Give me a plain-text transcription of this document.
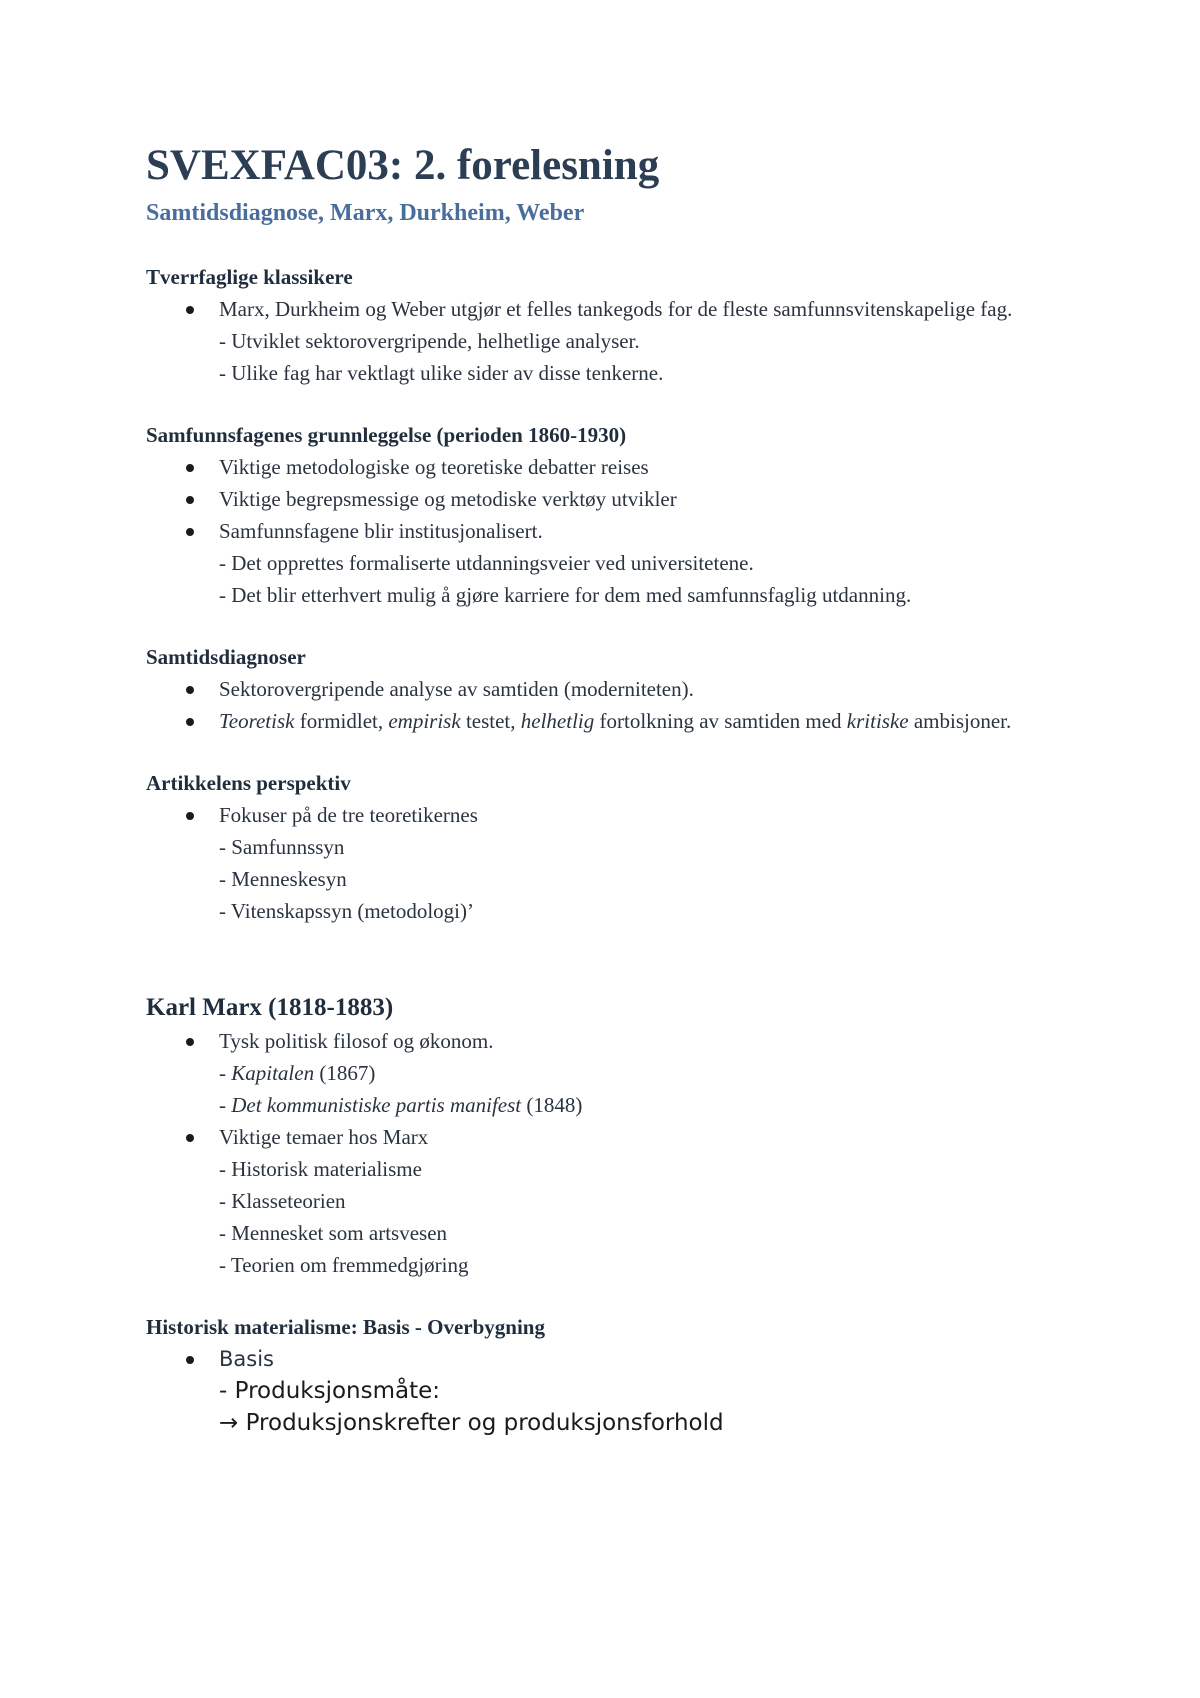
SVEXFAC03: 2. forelesning
Samtidsdiagnose, Marx, Durkheim, Weber
Tverrfaglige klassikere
Marx, Durkheim og Weber utgjør et felles tankegods for de fleste samfunnsvitenskapelige fag.
- Utviklet sektorovergripende, helhetlige analyser.
- Ulike fag har vektlagt ulike sider av disse tenkerne.
Samfunnsfagenes grunnleggelse (perioden 1860-1930)
Viktige metodologiske og teoretiske debatter reises
Viktige begrepsmessige og metodiske verktøy utvikler
Samfunnsfagene blir institusjonalisert.
- Det opprettes formaliserte utdanningsveier ved universitetene.
- Det blir etterhvert mulig å gjøre karriere for dem med samfunnsfaglig utdanning.
Samtidsdiagnoser
Sektorovergripende analyse av samtiden (moderniteten).
Teoretisk formidlet, empirisk testet, helhetlig fortolkning av samtiden med kritiske ambisjoner.
Artikkelens perspektiv
Fokuser på de tre teoretikernes
- Samfunnssyn
- Menneskesyn
- Vitenskapssyn (metodologi)’
Karl Marx (1818-1883)
Tysk politisk filosof og økonom.
- Kapitalen (1867)
- Det kommunistiske partis manifest (1848)
Viktige temaer hos Marx
- Historisk materialisme
- Klasseteorien
- Mennesket som artsvesen
- Teorien om fremmedgjøring
Historisk materialisme: Basis - Overbygning
Basis
- Produksjonsmåte:
→ Produksjonskrefter og produksjonsforhold
